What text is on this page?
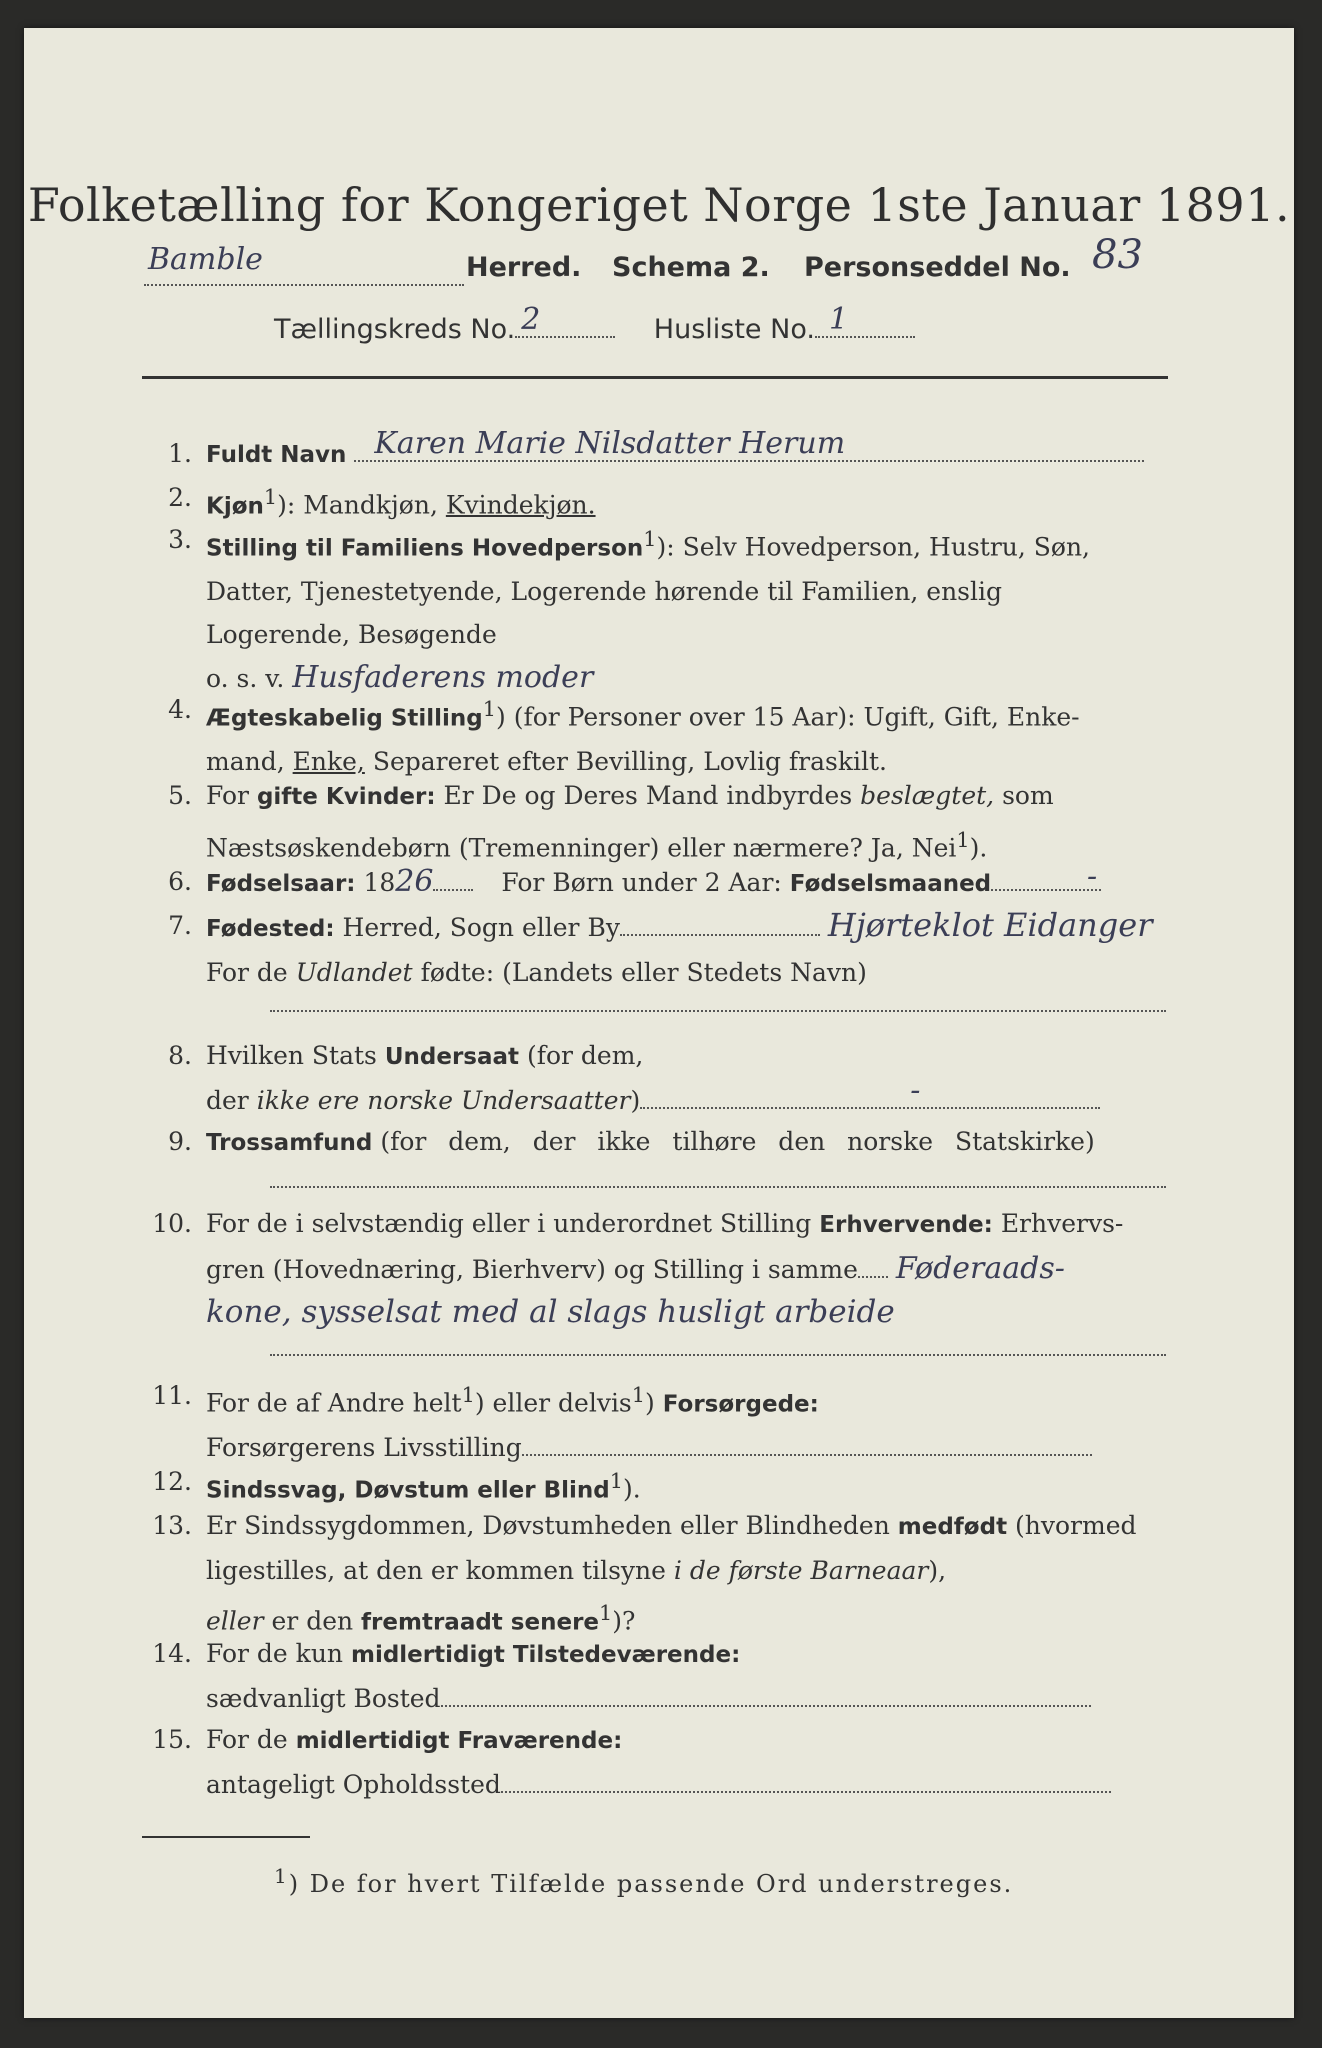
Folketælling for Kongeriget Norge 1ste Januar 1891.
Bamble	Herred. Schema 2. Personseddel No. 83
Tællingskreds No. 2	Husliste No. 1
1. Fuldt Navn Karen Marie Nilsdatter Herum
2. Kjøn$^1$): Mandkjøn, Kvindekjøn.
3. Stilling til Familiens Hovedperson$^1$): Selv Hovedperson, Hustru, Søn,
Datter, Tjenestetyende, Logerende hørende til Familien, enslig
Logerende, Besøgende
o. s. v. Husfaderens moder
4. Ægteskabelig Stilling$^1$) (for Personer over 15 Aar): Ugift, Gift, Enke-
mand, Enke, Separeret efter Bevilling, Lovlig fraskilt.
5. For gifte Kvinder: Er De og Deres Mand indbyrdes beslægtet, som
Næstsøskendebørn (Tremenninger) eller nærmere? Ja, Nei$^1$).
6. Fødselsaar: 1826	For Børn under 2 Aar: Fødselsmaaned	-
7. Fødested: Herred, Sogn eller By	Hjørteklot Eidanger
For de Udlandet fødte: (Landets eller Stedets Navn)
8. Hvilken Stats Undersaat (for dem,
der ikke ere norske Undersaatter)	-
9. Trossamfund (for dem, der ikke tilhøre den norske Statskirke)
10. For de i selvstændig eller i underordnet Stilling Erhvervende: Erhvervs-
gren (Hovednæring, Bierhverv) og Stilling i samme Føderaads-
kone, sysselsat med al slags husligt arbeide
11. For de af Andre helt$^1$) eller delvis$^1$) Forsørgede:
Forsørgerens Livsstilling
12. Sindssvag, Døvstum eller Blind$^1$).
13. Er Sindssygdommen, Døvstumheden eller Blindheden medfødt (hvormed
ligestilles, at den er kommen tilsyne i de første Barneaar),
eller er den fremtraadt senere$^1$)?
14. For de kun midlertidigt Tilstedeværende:
sædvanligt Bosted
15. For de midlertidigt Fraværende:
antageligt Opholdssted
$^1$) De for hvert Tilfælde passende Ord understreges.
